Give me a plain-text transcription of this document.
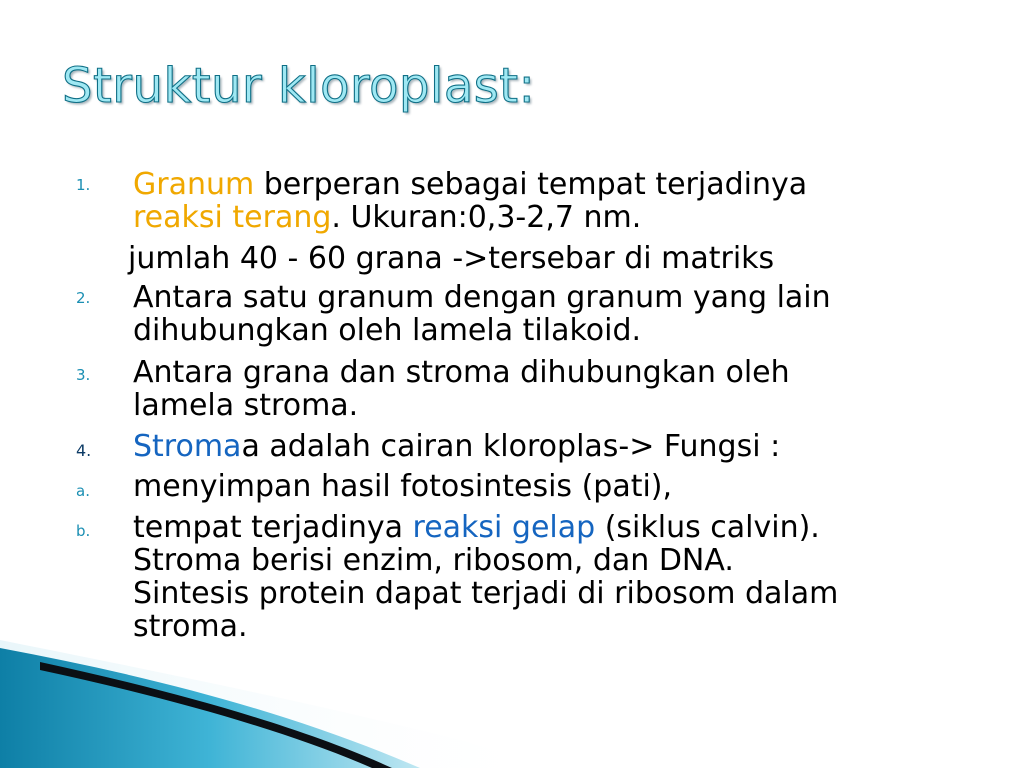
Struktur kloroplast:
1. Granum berperan sebagai tempat terjadinya
reaksi terang. Ukuran:0,3-2,7 nm.
jumlah 40 - 60 grana ->tersebar di matriks
2. Antara satu granum dengan granum yang lain
dihubungkan oleh lamela tilakoid.
3. Antara grana dan stroma dihubungkan oleh
lamela stroma.
4. Stromaa adalah cairan kloroplas-> Fungsi :
a. menyimpan hasil fotosintesis (pati),
b. tempat terjadinya reaksi gelap (siklus calvin).
Stroma berisi enzim, ribosom, dan DNA.
Sintesis protein dapat terjadi di ribosom dalam
stroma.
